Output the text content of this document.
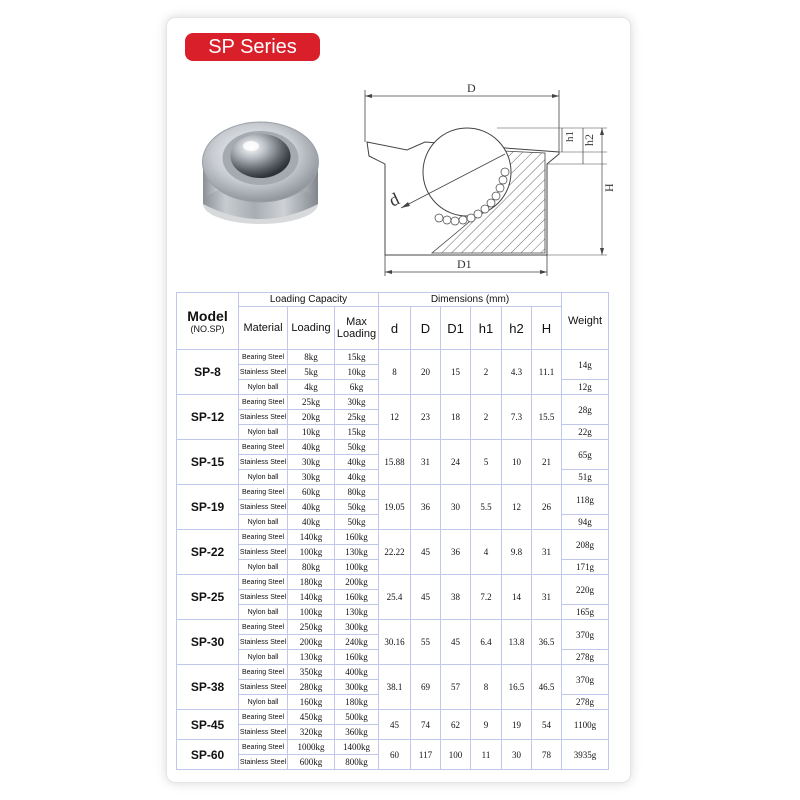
SP Series
D
d
D1
h1 h2
H
Model
(NO.SP)	Loading Capacity			Dimensions (mm)						Weight
	Material	Loading	Max Loading	d	D	D1	h1	h2	H	
SP-8	Bearing Steel	8kg	15kg	8	20	15	2	4.3	11.1	14g
	Stainless Steel	5kg	10kg							
	Nylon ball	4kg	6kg							12g
SP-12	Bearing Steel	25kg	30kg	12	23	18	2	7.3	15.5	28g
	Stainless Steel	20kg	25kg							
	Nylon ball	10kg	15kg							22g
SP-15	Bearing Steel	40kg	50kg	15.88	31	24	5	10	21	65g
	Stainless Steel	30kg	40kg							
	Nylon ball	30kg	40kg							51g
SP-19	Bearing Steel	60kg	80kg	19.05	36	30	5.5	12	26	118g
	Stainless Steel	40kg	50kg							
	Nylon ball	40kg	50kg							94g
SP-22	Bearing Steel	140kg	160kg	22.22	45	36	4	9.8	31	208g
	Stainless Steel	100kg	130kg							
	Nylon ball	80kg	100kg							171g
SP-25	Bearing Steel	180kg	200kg	25.4	45	38	7.2	14	31	220g
	Stainless Steel	140kg	160kg							
	Nylon ball	100kg	130kg							165g
SP-30	Bearing Steel	250kg	300kg	30.16	55	45	6.4	13.8	36.5	370g
	Stainless Steel	200kg	240kg							
	Nylon ball	130kg	160kg							278g
SP-38	Bearing Steel	350kg	400kg	38.1	69	57	8	16.5	46.5	370g
	Stainless Steel	280kg	300kg							
	Nylon ball	160kg	180kg							278g
SP-45	Bearing Steel	450kg	500kg	45	74	62	9	19	54	1100g
	Stainless Steel	320kg	360kg							
SP-60	Bearing Steel	1000kg	1400kg	60	117	100	11	30	78	3935g
	Stainless Steel	600kg	800kg							
